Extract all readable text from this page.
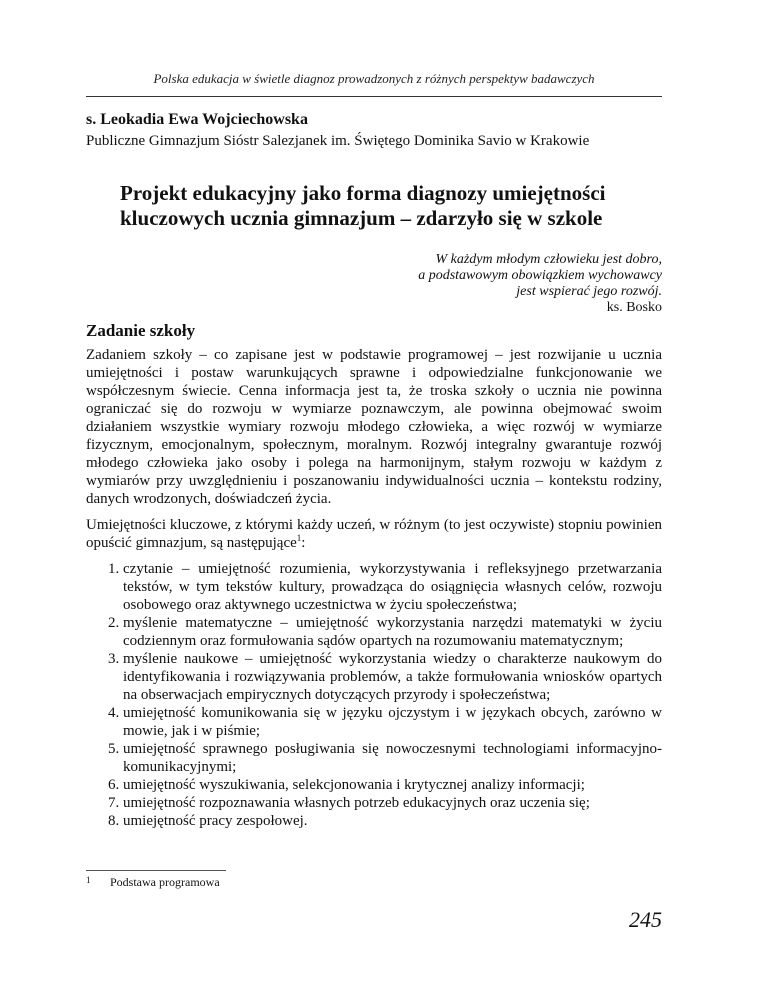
Polska edukacja w świetle diagnoz prowadzonych z różnych perspektyw badawczych
s. Leokadia Ewa Wojciechowska
Publiczne Gimnazjum Sióstr Salezjanek im. Świętego Dominika Savio w Krakowie
Projekt edukacyjny jako forma diagnozy umiejętności kluczowych ucznia gimnazjum – zdarzyło się w szkole
W każdym młodym człowieku jest dobro,
a podstawowym obowiązkiem wychowawcy
jest wspierać jego rozwój.
ks. Bosko
Zadanie szkoły

Zadaniem szkoły – co zapisane jest w podstawie programowej – jest rozwijanie u ucznia umiejętności i postaw warunkujących sprawne i odpowiedzialne funkcjonowanie we współczesnym świecie. Cenna informacja jest ta, że troska szkoły o ucznia nie powinna ograniczać się do rozwoju w wymiarze poznawczym, ale powinna obejmować swoim działaniem wszystkie wymiary rozwoju młodego człowieka, a więc rozwój w wymiarze fizycznym, emocjonalnym, społecznym, moralnym. Rozwój integralny gwarantuje rozwój młodego człowieka jako osoby i polega na harmonijnym, stałym rozwoju w każdym z wymiarów przy uwzględnieniu i poszanowaniu indywidualności ucznia – kontekstu rodziny, danych wrodzonych, doświadczeń życia.

Umiejętności kluczowe, z którymi każdy uczeń, w różnym (to jest oczywiste) stopniu powinien opuścić gimnazjum, są następujące$^1$:

1. czytanie – umiejętność rozumienia, wykorzystywania i refleksyjnego przetwarzania tekstów, w tym tekstów kultury, prowadząca do osiągnięcia własnych celów, rozwoju osobowego oraz aktywnego uczestnictwa w życiu społeczeństwa;
2. myślenie matematyczne – umiejętność wykorzystania narzędzi matematyki w życiu codziennym oraz formułowania sądów opartych na rozumowaniu matematycznym;
3. myślenie naukowe – umiejętność wykorzystania wiedzy o charakterze naukowym do identyfikowania i rozwiązywania problemów, a także formułowania wniosków opartych na obserwacjach empirycznych dotyczących przyrody i społeczeństwa;
4. umiejętność komunikowania się w języku ojczystym i w językach obcych, zarówno w mowie, jak i w piśmie;
5. umiejętność sprawnego posługiwania się nowoczesnymi technologiami informacyjno-komunikacyjnymi;
6. umiejętność wyszukiwania, selekcjonowania i krytycznej analizy informacji;
7. umiejętność rozpoznawania własnych potrzeb edukacyjnych oraz uczenia się;
8. umiejętność pracy zespołowej.
1 Podstawa programowa
245
